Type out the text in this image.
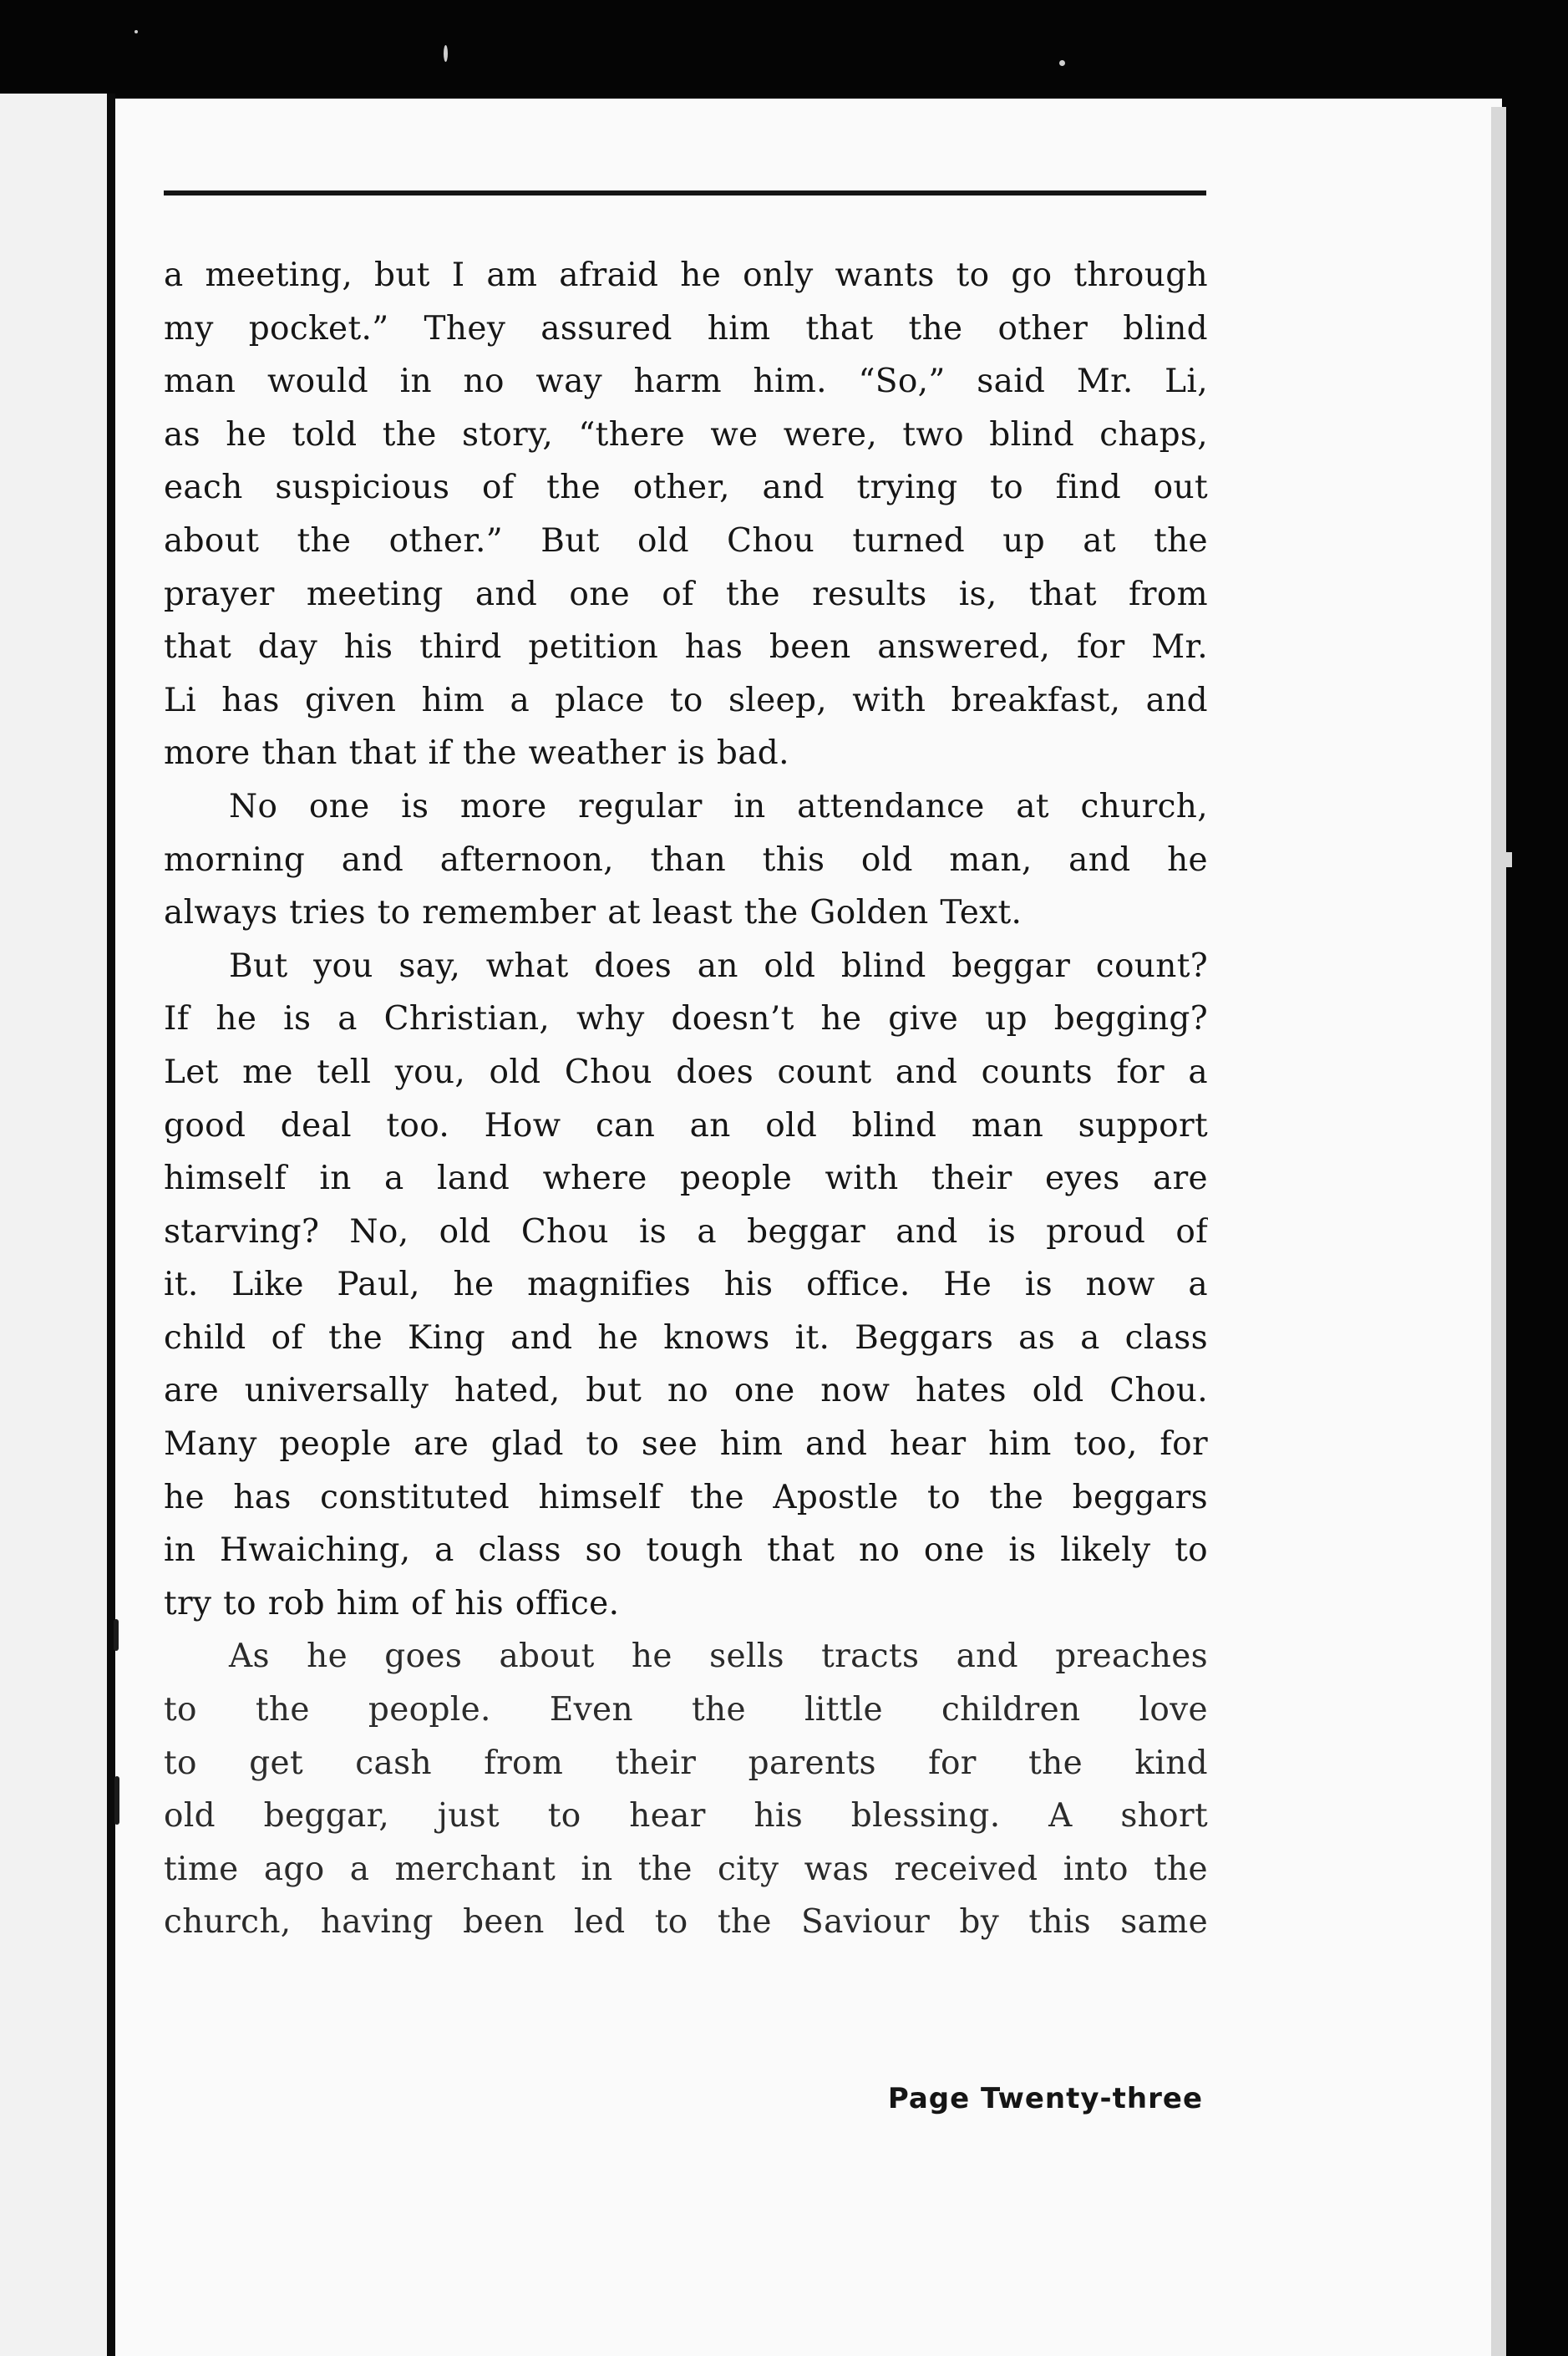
a meeting, but I am afraid he only wants to go through
my pocket.” They assured him that the other blind
man would in no way harm him. “So,” said Mr. Li,
as he told the story, “there we were, two blind chaps,
each suspicious of the other, and trying to find out
about the other.” But old Chou turned up at the
prayer meeting and one of the results is, that from
that day his third petition has been answered, for Mr.
Li has given him a place to sleep, with breakfast, and
more than that if the weather is bad.
No one is more regular in attendance at church,
morning and afternoon, than this old man, and he
always tries to remember at least the Golden Text.
But you say, what does an old blind beggar count?
If he is a Christian, why doesn’t he give up begging?
Let me tell you, old Chou does count and counts for a
good deal too. How can an old blind man support
himself in a land where people with their eyes are
starving? No, old Chou is a beggar and is proud of
it. Like Paul, he magnifies his office. He is now a
child of the King and he knows it. Beggars as a class
are universally hated, but no one now hates old Chou.
Many people are glad to see him and hear him too, for
he has constituted himself the Apostle to the beggars
in Hwaiching, a class so tough that no one is likely to
try to rob him of his office.
As he goes about he sells tracts and preaches
to the people. Even the little children love
to get cash from their parents for the kind
old beggar, just to hear his blessing. A short
time ago a merchant in the city was received into the
church, having been led to the Saviour by this same
Page Twenty-three
